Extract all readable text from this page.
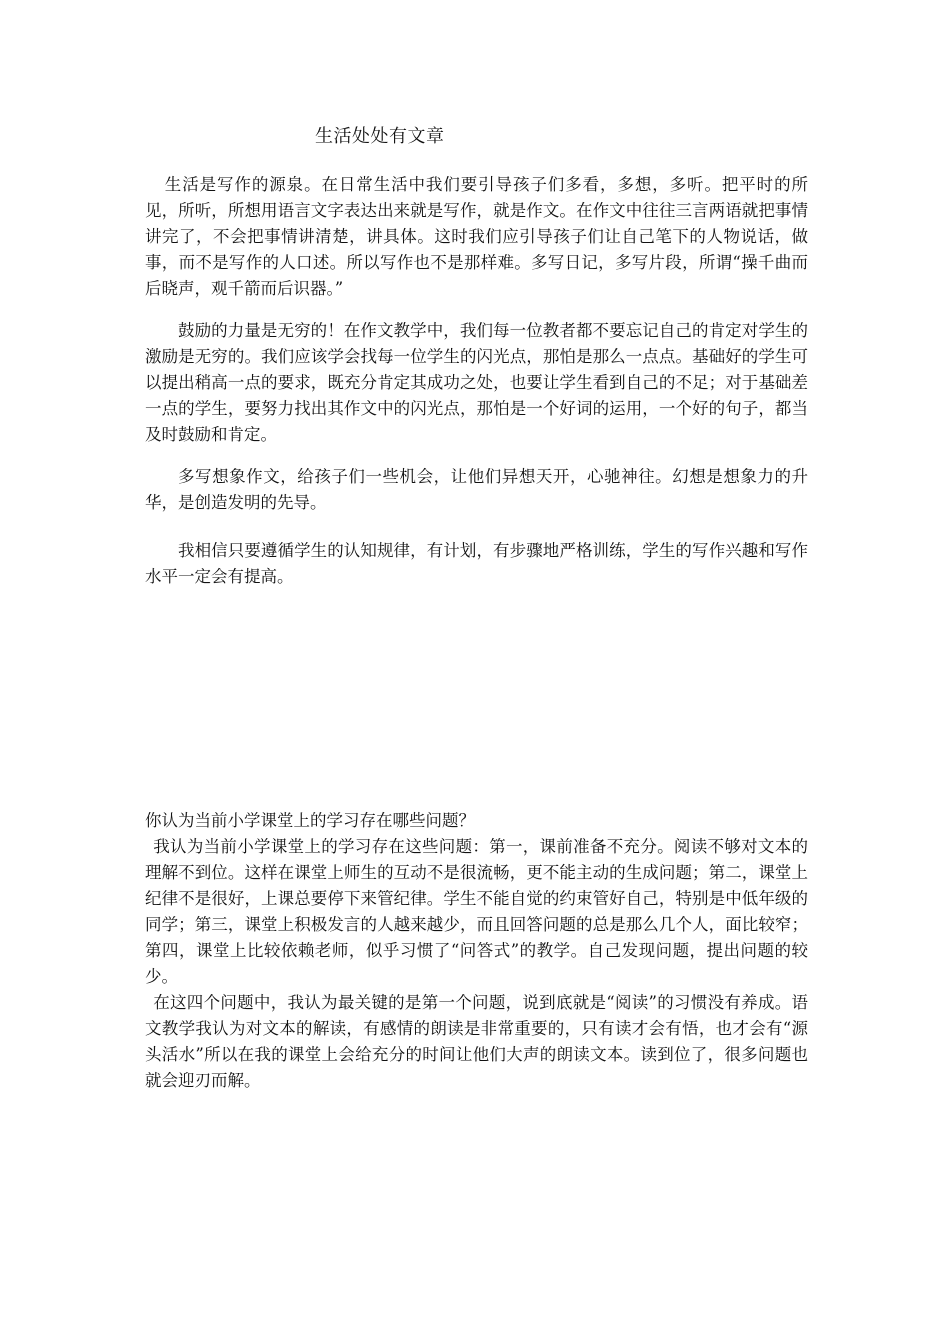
生活处处有文章

生活是写作的源泉。在日常生活中我们要引导孩子们多看，多想，多听。把平时的所见，所听，所想用语言文字表达出来就是写作，就是作文。在作文中往往三言两语就把事情讲完了，不会把事情讲清楚，讲具体。这时我们应引导孩子们让自己笔下的人物说话，做事，而不是写作的人口述。所以写作也不是那样难。多写日记，多写片段，所谓“操千曲而后晓声，观千箭而后识器。”

鼓励的力量是无穷的！在作文教学中，我们每一位教者都不要忘记自己的肯定对学生的激励是无穷的。我们应该学会找每一位学生的闪光点，那怕是那么一点点。基础好的学生可以提出稍高一点的要求，既充分肯定其成功之处，也要让学生看到自己的不足；对于基础差一点的学生，要努力找出其作文中的闪光点，那怕是一个好词的运用，一个好的句子，都当及时鼓励和肯定。

多写想象作文，给孩子们一些机会，让他们异想天开，心驰神往。幻想是想象力的升华，是创造发明的先导。

我相信只要遵循学生的认知规律，有计划，有步骤地严格训练，学生的写作兴趣和写作水平一定会有提高。

你认为当前小学课堂上的学习存在哪些问题？

我认为当前小学课堂上的学习存在这些问题：第一，课前准备不充分。阅读不够对文本的理解不到位。这样在课堂上师生的互动不是很流畅，更不能主动的生成问题；第二，课堂上纪律不是很好，上课总要停下来管纪律。学生不能自觉的约束管好自己，特别是中低年级的同学；第三，课堂上积极发言的人越来越少，而且回答问题的总是那么几个人，面比较窄；第四，课堂上比较依赖老师，似乎习惯了“问答式”的教学。自己发现问题，提出问题的较少。

在这四个问题中，我认为最关键的是第一个问题，说到底就是“阅读”的习惯没有养成。语文教学我认为对文本的解读，有感情的朗读是非常重要的，只有读才会有悟，也才会有“源头活水”所以在我的课堂上会给充分的时间让他们大声的朗读文本。读到位了，很多问题也就会迎刃而解。
